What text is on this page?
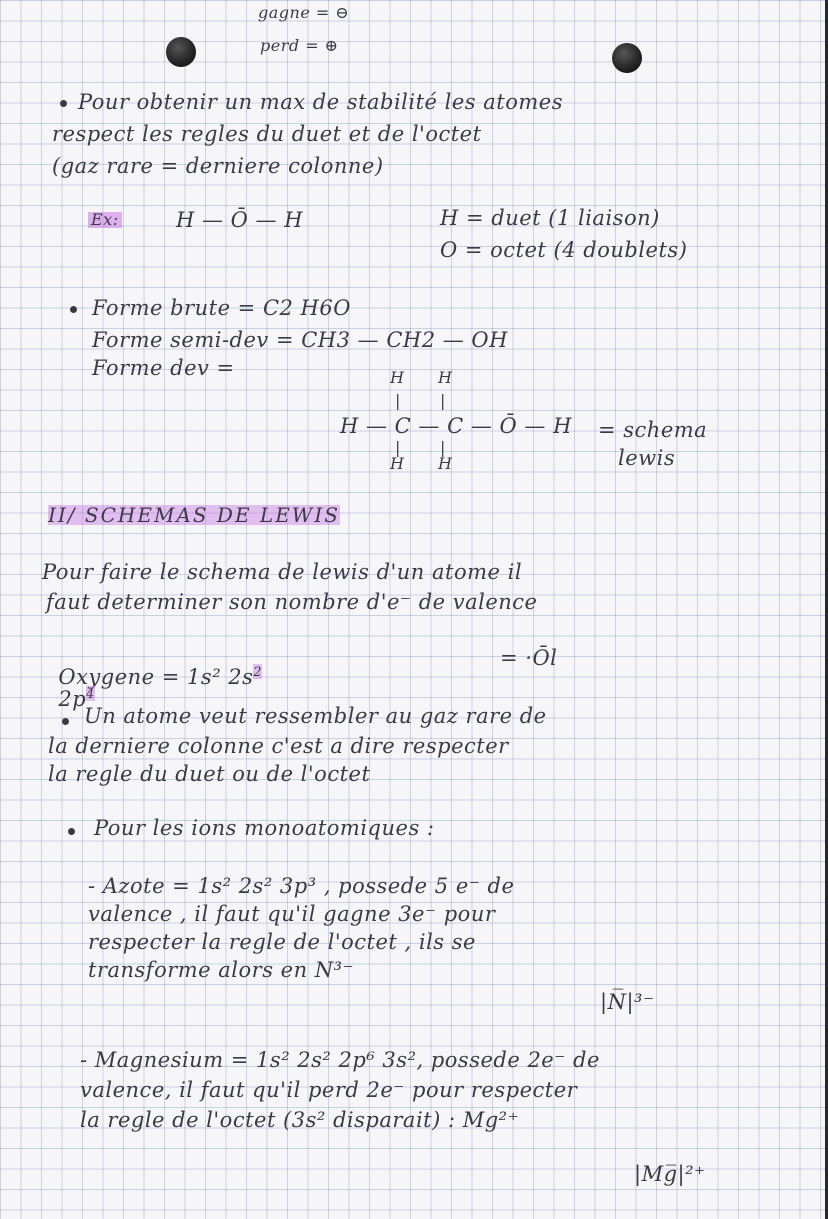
gagne = ⊖
perd = ⊕
Pour obtenir un max de stabilité les atomes
respect les regles du duet et de l'octet
(gaz rare = derniere colonne)
Ex:	H — Ō — H	H = duet (1 liaison)
O = octet (4 doublets)
Forme brute = C2 H6O
Forme semi-dev = CH3 — CH2 — OH
Forme dev =	H      H
|       |
H — C — C — Ō — H
|       |
H      H
= schema
lewis
II/ SCHEMAS DE LEWIS
Pour faire le schema de lewis d'un atome il
faut determiner son nombre d'e⁻ de valence

Oxygene = 1s² $2s^2$
$2p^4$

= ·Ōl
Un atome veut ressembler au gaz rare de
la derniere colonne c'est a dire respecter
la regle du duet ou de l'octet
Pour les ions monoatomiques :
- Azote = 1s² 2s² 3p³ , possede 5 e⁻ de
valence , il faut qu'il gagne 3e⁻ pour
respecter la regle de l'octet , ils se
transforme alors en N³⁻
|N̅|³⁻
- Magnesium = 1s² 2s² 2p⁶ 3s², possede 2e⁻ de
valence, il faut qu'il perd 2e⁻ pour respecter
la regle de l'octet (3s² disparait) : Mg²⁺
|Mg̅|²⁺
